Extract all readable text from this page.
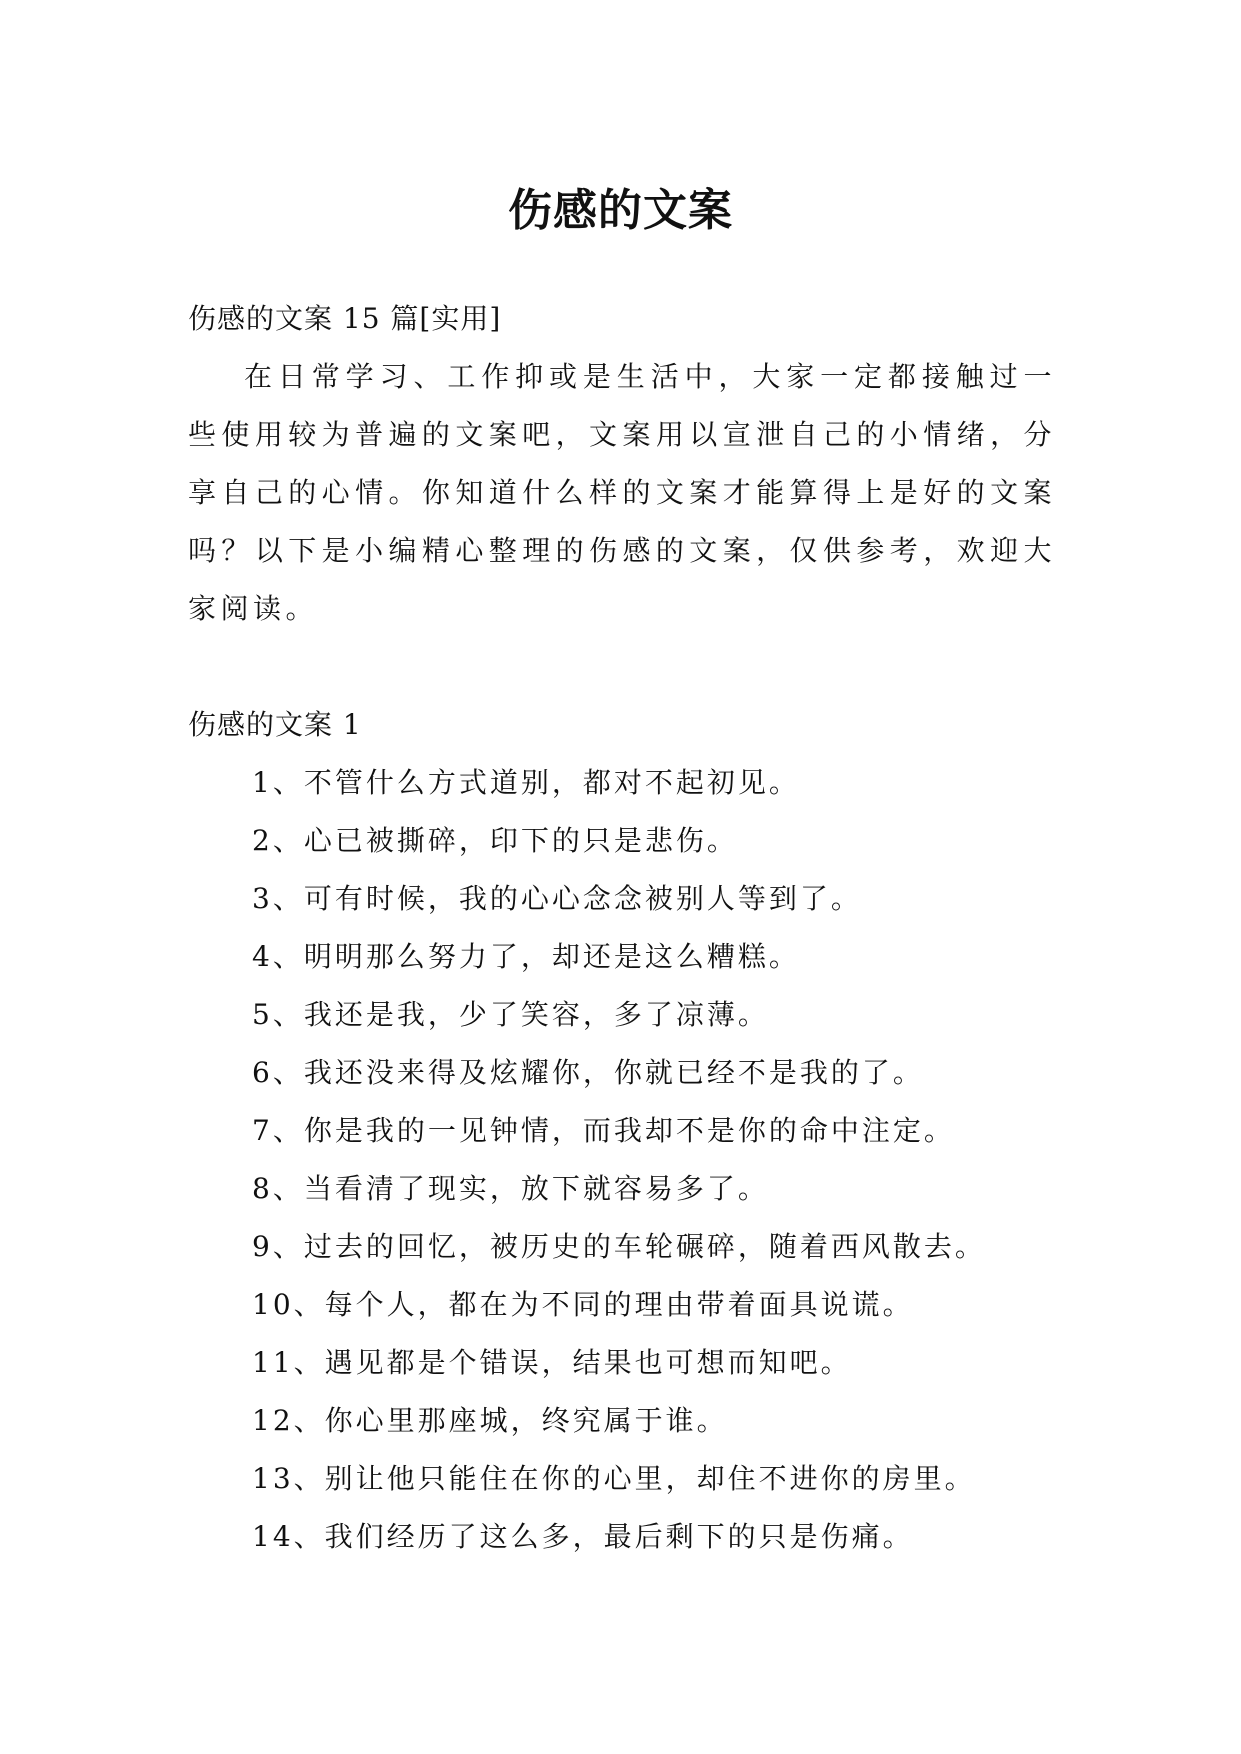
伤感的文案

伤感的文案 15 篇[实用]

在日常学习、工作抑或是生活中，大家一定都接触过一些使用较为普遍的文案吧，文案用以宣泄自己的小情绪，分享自己的心情。你知道什么样的文案才能算得上是好的文案吗？以下是小编精心整理的伤感的文案，仅供参考，欢迎大家阅读。

伤感的文案 1

1、不管什么方式道别，都对不起初见。
2、心已被撕碎，印下的只是悲伤。
3、可有时候，我的心心念念被别人等到了。
4、明明那么努力了，却还是这么糟糕。
5、我还是我，少了笑容，多了凉薄。
6、我还没来得及炫耀你，你就已经不是我的了。
7、你是我的一见钟情，而我却不是你的命中注定。
8、当看清了现实，放下就容易多了。
9、过去的回忆，被历史的车轮碾碎，随着西风散去。
10、每个人，都在为不同的理由带着面具说谎。
11、遇见都是个错误，结果也可想而知吧。
12、你心里那座城，终究属于谁。
13、别让他只能住在你的心里，却住不进你的房里。
14、我们经历了这么多，最后剩下的只是伤痛。
